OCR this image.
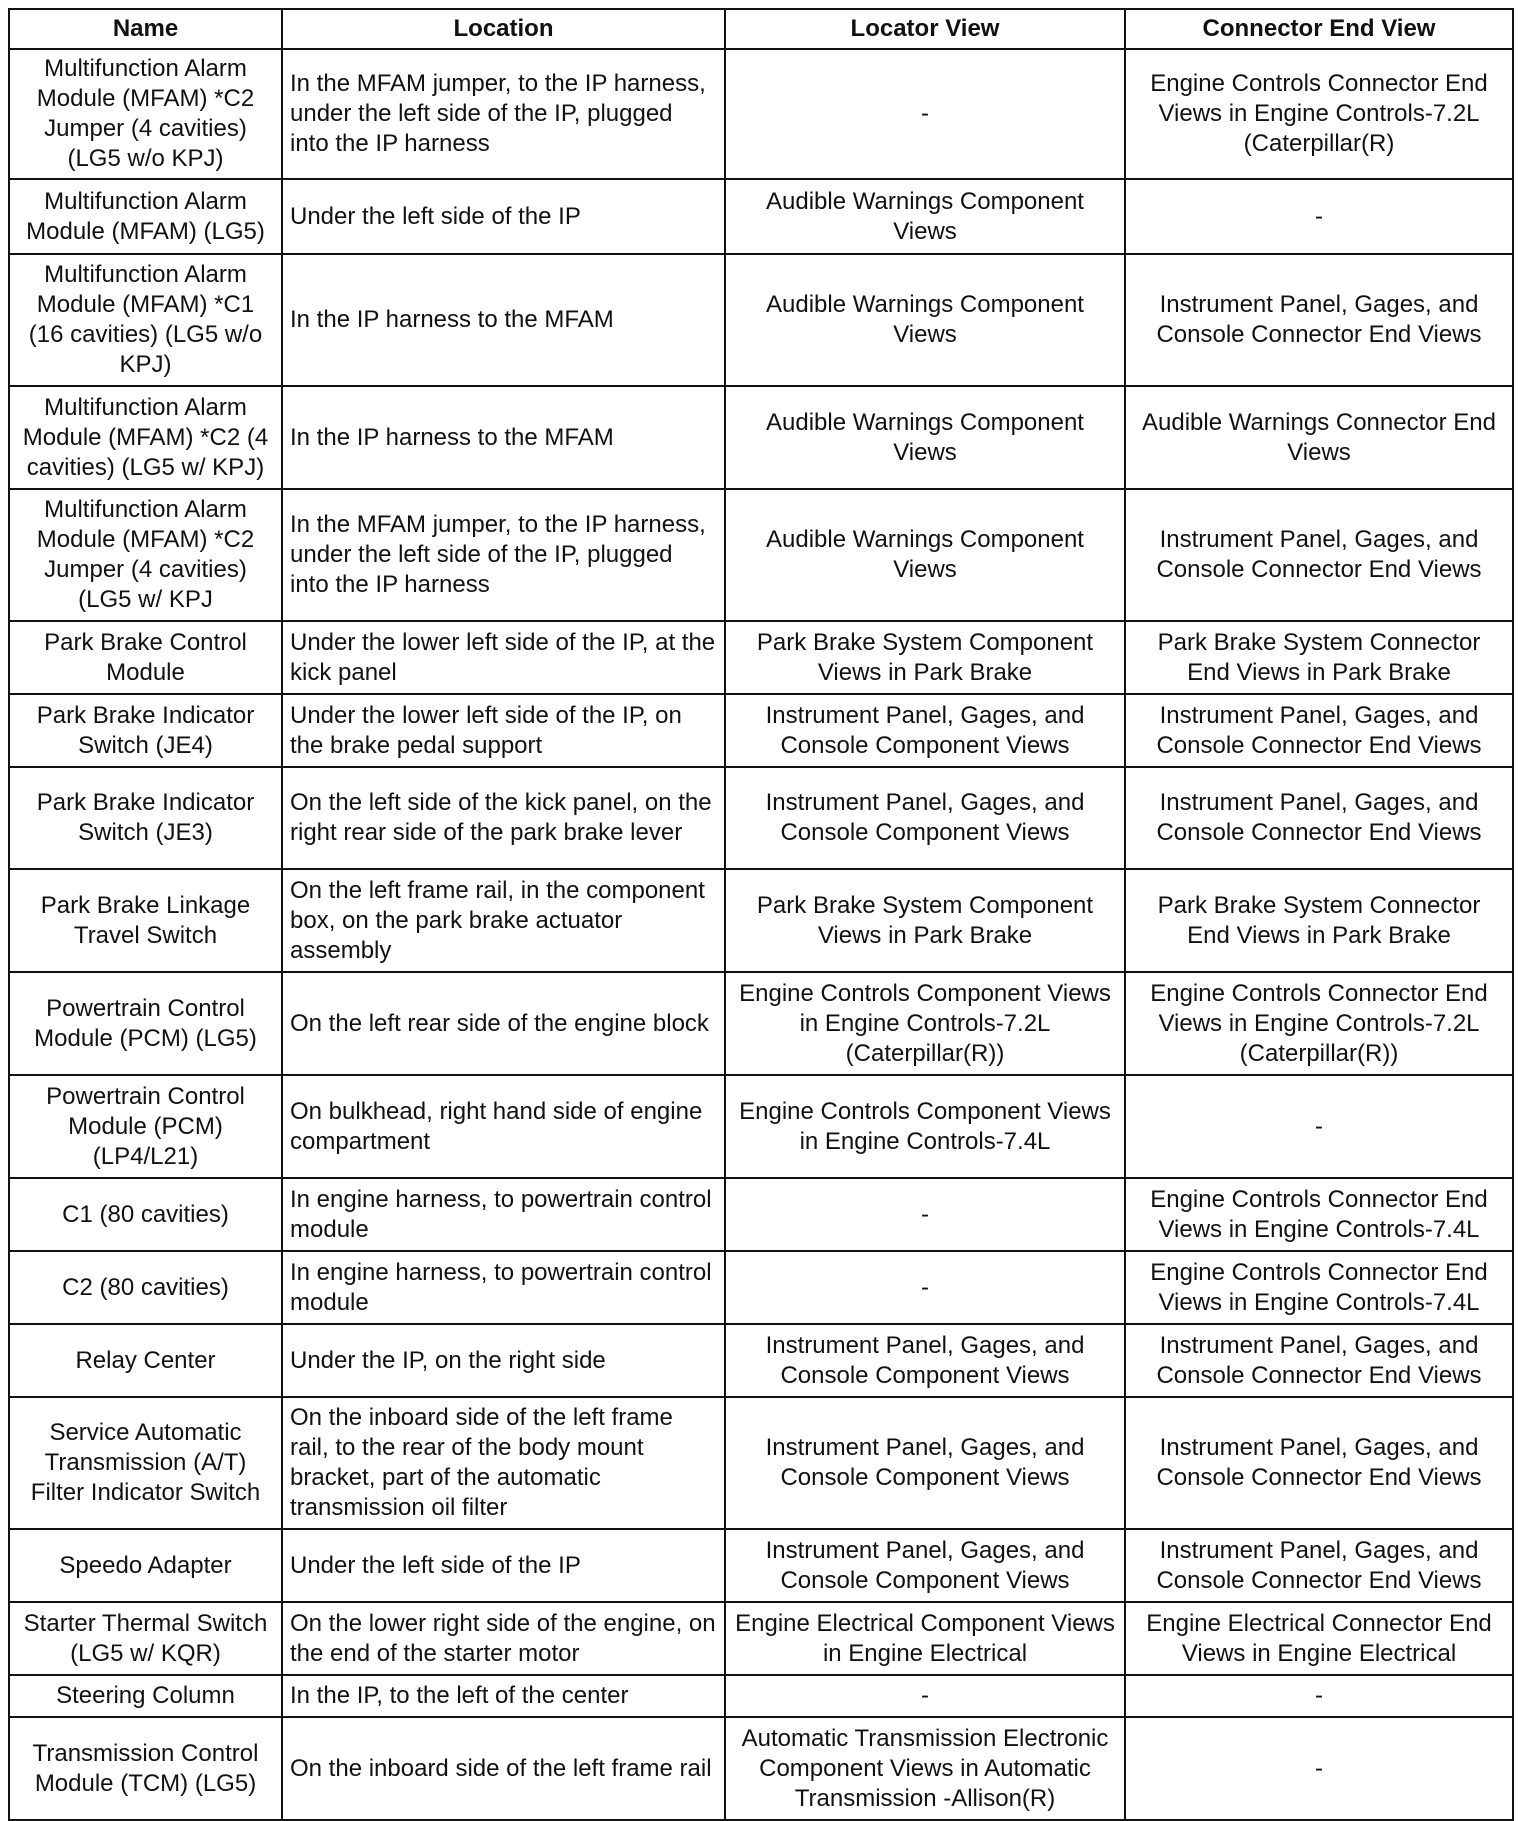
Name	Location	Locator View	Connector End View
Multifunction Alarm Module (MFAM) *C2 Jumper (4 cavities) (LG5 w/o KPJ)	In the MFAM jumper, to the IP harness, under the left side of the IP, plugged into the IP harness	-	Engine Controls Connector End Views in Engine Controls-7.2L (Caterpillar(R)
Multifunction Alarm Module (MFAM) (LG5)	Under the left side of the IP	Audible Warnings Component Views	-
Multifunction Alarm Module (MFAM) *C1 (16 cavities) (LG5 w/o KPJ)	In the IP harness to the MFAM	Audible Warnings Component Views	Instrument Panel, Gages, and Console Connector End Views
Multifunction Alarm Module (MFAM) *C2 (4 cavities) (LG5 w/ KPJ)	In the IP harness to the MFAM	Audible Warnings Component Views	Audible Warnings Connector End Views
Multifunction Alarm Module (MFAM) *C2 Jumper (4 cavities) (LG5 w/ KPJ	In the MFAM jumper, to the IP harness, under the left side of the IP, plugged into the IP harness	Audible Warnings Component Views	Instrument Panel, Gages, and Console Connector End Views
Park Brake Control Module	Under the lower left side of the IP, at the kick panel	Park Brake System Component Views in Park Brake	Park Brake System Connector End Views in Park Brake
Park Brake Indicator Switch (JE4)	Under the lower left side of the IP, on the brake pedal support	Instrument Panel, Gages, and Console Component Views	Instrument Panel, Gages, and Console Connector End Views
Park Brake Indicator Switch (JE3)	On the left side of the kick panel, on the right rear side of the park brake lever	Instrument Panel, Gages, and Console Component Views	Instrument Panel, Gages, and Console Connector End Views
Park Brake Linkage Travel Switch	On the left frame rail, in the component box, on the park brake actuator assembly	Park Brake System Component Views in Park Brake	Park Brake System Connector End Views in Park Brake
Powertrain Control Module (PCM) (LG5)	On the left rear side of the engine block	Engine Controls Component Views in Engine Controls-7.2L (Caterpillar(R))	Engine Controls Connector End Views in Engine Controls-7.2L (Caterpillar(R))
Powertrain Control Module (PCM) (LP4/L21)	On bulkhead, right hand side of engine compartment	Engine Controls Component Views in Engine Controls-7.4L	-
C1 (80 cavities)	In engine harness, to powertrain control module	-	Engine Controls Connector End Views in Engine Controls-7.4L
C2 (80 cavities)	In engine harness, to powertrain control module	-	Engine Controls Connector End Views in Engine Controls-7.4L
Relay Center	Under the IP, on the right side	Instrument Panel, Gages, and Console Component Views	Instrument Panel, Gages, and Console Connector End Views
Service Automatic Transmission (A/T) Filter Indicator Switch	On the inboard side of the left frame rail, to the rear of the body mount bracket, part of the automatic transmission oil filter	Instrument Panel, Gages, and Console Component Views	Instrument Panel, Gages, and Console Connector End Views
Speedo Adapter	Under the left side of the IP	Instrument Panel, Gages, and Console Component Views	Instrument Panel, Gages, and Console Connector End Views
Starter Thermal Switch (LG5 w/ KQR)	On the lower right side of the engine, on the end of the starter motor	Engine Electrical Component Views in Engine Electrical	Engine Electrical Connector End Views in Engine Electrical
Steering Column	In the IP, to the left of the center	-	-
Transmission Control Module (TCM) (LG5)	On the inboard side of the left frame rail	Automatic Transmission Electronic Component Views in Automatic Transmission -Allison(R)	-
